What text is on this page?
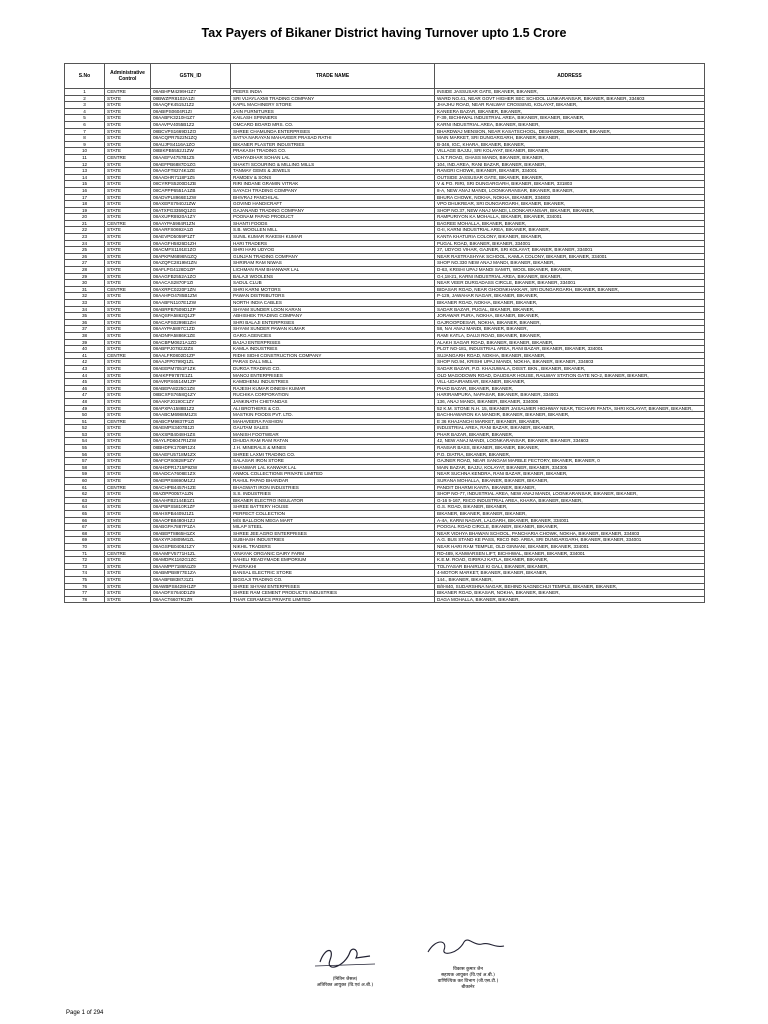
Tax Payers of Bikaner District having Turnover upto 1.5 Crore
S.No	Administrative Control	GSTN_ID	TRADE NAME	ADDRESS
1	CENTRE	08ABHPM4299H1Z7	PEERS INDIA	INSIDE JASSUSAR GATE, BIKANER, BIKANER,
2	STATE	08BWZPR8102A1ZI	SRI VIJAYLAXMI TRADING COMPANY	WARD NO.41, NEAR GOVT HIGHER SEC SCHOOL LUNKARANSAR, BIKANER, BIKANER, 334603
3	STATE	08AAQFK4515J1Z2	KAPIL MACHINERY STORE	JHAJHU ROAD, NEAR RAILWAY CROSSING, KOLAYAT, BIKANER,
4	STATE	08ABIPS0604R1ZI	JAIN FURNITURES	KANEERA BAZAR, BIKANER, BIKANER,
5	STATE	08AABFK3210H1Z7	KAILASH SPINNERS	F-39, BICHHWAL INDUSTRIAL AREA, BIKANER, BIKANER, BIKANER,
6	STATE	08AAVPV4055B1Z2	OMCARD BOARD MRS. CO.	KARNI INDUSTRIAL AREA, BIKANER, BIKANER,
7	STATE	08BCVPS1669D1ZO	SHREE CHAMUNDA ENTERPRISES	BHARDWAJ MENSION, NEAR KASATSCHOOL, DESHNOKE, BIKANER, BIKANER,
8	STATE	08ACQPR7522N1ZQ	SATYA NARAYAN MAHAVEER PRASAD RATHI	MAIN MARKET, SRI DUNGARGARH, BIKANER, BIKANER,
9	STATE	08AUJPS4116A1ZO	BIKANER PLASTER INDUSTRIES	B-346, IGC, KHARA, BIKANER, BIKANER,
10	STATE	08BIKPB5552J1ZW	PRAKASH TRADING CO.	VILLAGE BAJJU, SRI KOLAYAT, BIKANER, BIKANER,
11	CENTRE	08AAEFV4757B1Z5	VIDHYADHAR SOHAN LAL	L.N.T.ROAD, GHASS MANDI, BIKANER, BIKANER,
12	STATE	08AEFPB6887D1ZG	SHAKTI SCOURING & MILLING MILLS	104, IND.AREA, RANI BAZAR, BIKANER, BIKANER,
13	STATE	08AAGFT8274K1ZE	TANMAY GEMS & JEWELS	RANGRI CHOWK, BIKANER, BIKANER, 334001
14	STATE	08AADHR7118F1Z5	RAMDEV & SONS	OUTSIDE JASSUSAR GATE, BIKANER, BIKANER,
15	STATE	08CYRPS5200D1ZB	RIRI INDANE GRAMIN VITRAK	V & PO. RIRI, SRI DUNGARGARH, BIKANER, BIKANER, 331803
16	STATE	08CAPPP6551A1ZB	SAYACH TRADING COMPANY	8-A, NEW ANAJ MANDI, LOONKARANSAR, BIKANER, BIKANER,
17	STATE	08ADVPL8966E1ZW	BHIVRAJ PANCHILAL	BHURA CHOWK, NOKHA, NOKHA, BIKANER, 334803
18	STATE	08AXEPS7940J1ZW	GOVIND HANDICRAFT	VPO DHUKREAR, SRI DUNGARGARH, BIKANER, BIKANER,
19	STATE	08ATXPG3359Q1ZG	GAJANAND TRADING COMPANY	SHOP NO.37, NEW ANAJ MANDI, LOONKARANSAR, BIKANER, BIKANER,
20	STATE	08AXUPR8920A1ZY	POONAM PAPAD PRODUCT	RAMPURIYON KA MOHALLA, BIKANER, BIKANER, 334001
21	CENTRE	08AAYPA5984R1ZN	SHANTI FOODS	BAGREE MOHALLA, BIKANER, BIKANER,
22	STATE	08AARFS0692A1ZI	S.B. WOOLLEN MILL	G-II, KARNI INDUSTRIAL AREA, BIKANER, BIKANER,
23	STATE	08AEVPD5059P1ZT	SUNIL KUMAR RAKESH KUMAR	KANTA KHATURIA COLONY, BIKANER, BIKANER,
24	STATE	08AAGFH5826D1ZH	HARI TRADERS	PUGAL ROAD, BIKANER, BIKANER, 334001
25	STATE	08ACMFS1191E1ZO	SHRI HARI UDYOG	27, UDYOG VIHAR, GAJNER, SRI KOLAYAT, BIKANER, BIKANER, 334001
26	STATE	08APKPM6898N1ZQ	GUNJAN TRADING COMPANY	NEAR RASTRASHYAK SCHOOL, KAMLA COLONY, BIKANER, BIKANER, 334001
27	STATE	08AZQPC2819M1ZN	SHRIRAM RAM NIWAS	SHOP NO.330 NEW ANAJ MANDI, BIKANER, BIKANER,
28	STATE	08AFLPG4128D1ZP	LICHMAN RAM BHANWAR LAL	D-63, KRISHI UPAJ MANDI SAMITI, WOOL BIKANER, BIKANER,
29	STATE	08AAGFB2552A1ZO	BALAJI WOOLENS	G-I,18-21, KARNI INDUSTRIAL AREA, BIKANER, BIKANER,
30	STATE	08AACAS2870F1ZI	SADUL CLUB	NEAR VEER DURGADASS CIRCLE, BIKANER, BIKANER, 334001
31	CENTRE	08AXRPC0220F1ZN	SHRI KARNI MOTORS	BIDASAR ROAD, NEAR GHOONKHAKKAR, SRI DUNGARGARH, BIKANER, BIKANER,
32	STATE	08AAHPO4785B1ZM	PAWAN DISTRIBUTORS	P-129, JAWAHAR NAGAR, BIKANER, BIKANER,
33	STATE	08AABFN1107E1ZW	NORTH INDIA CABLES	BIKANER ROAD, NOKHA, BIKANER, BIKANER,
34	STATE	08ABRPB7509D1ZP	SHYAM SUNDER LOON KARAN	SADAR BAZAR, PUGAL, BIKANER, BIKANER,
35	STATE	08AQSPA5862Q1ZF	ABHISHEK TRADING COMPANY	JORAWAR PURA, NOKHA, BIKANER, BIKANER,
36	STATE	08ACAPS0299B1ZH	SHRI BALAJI ENTERPRISES	GAJROOPDESAR, NOKHA, BIKANER, BIKANER,
37	STATE	08AAYPA5897C1ZD	SHYAM SUNDER PAWAN KUMAR	58, NAI ANAJ MANDI, BIKANER, BIKANER,
38	STATE	08ADNPA5886K1ZE	GARG AGENCIES	RAMI KATLA, DAUJI ROAD, BIKANER, BIKANER,
39	STATE	08ACBPM0621A1ZD	BAJAJ ENTERPRISES	ALAKH SAGAR ROAD, BIKANER, BIKANER, BIKANER,
40	STATE	08ABFPJ0782J2ZS	KAMLA INDUSTRIES	PLOT NO-181, INDUSTRIAL AREA, RANI BAZAR, BIKANER, BIKANER, 334001
41	CENTRE	08AALFR0802D1ZP	RIDHI SIDHI CONSTRUCTION COMPANY	SUJANGARH ROAD, NOKHA, BIKANER, BIKANER,
42	STATE	08AAJFP0799Q1ZL	PARAS DALL MILL	SHOP NO.94, KRISHI UPAJ MANDI, NOKHA, BIKANER, BIKANER, 334803
43	STATE	08AEEPM7051F1ZK	DURGA TRADING CO.	SADAR BAZAR, P.O. KHAJUWALA, DISST. BKN., BIKANER, BIKANER,
44	STATE	08AIKPP9787E1Z1	MANOJ ENTERPRISES	OLD MAGODOWN ROAD, DAUDSAR HOUSE, RAILWAY STATION GATE NO-2, BIKANER, BIKANER,
45	STATE	08AVRPS6514M1ZP	KAMDHENU INDUSTRIES	VILL-UDAIRAMSAR, BIKANER, BIKANER,
46	STATE	08ABEPA8225G1Z8	RAJESH KUMAR DINESH KUMAR	PHAD BAZAR, BIKANER, BIKANER,
47	STATE	08BCXPS7658Q1ZY	RUCHIKA CORPORATION	HARIRAMPURA, NAPASAR, BIKANER, BIKANER, 334001
48	STATE	08AAKFJ0190C1ZY	JANKINATH CHETANDAS	136, ANAJ MANDI, BIKANER, BIKANER, 334006
49	STATE	08APXPA1588B1Z2	ALI BROTHERS & CO.	52 K.M. STONE N.H. 15, BIKANER JAISALMER HIGHWAY NEAR, TECHARI PANTA, SHRI KOLAYAT, BIKANER, BIKANER,
50	STATE	08AABCM6988M1ZS	MASTKIN FOODS PVT. LTD.	BACHHAWARON KA MANDIR, BIKANER, BIKANER, BIKANER,
51	CENTRE	08ABCPM9837P1ZI	MAHAVEERA FASHION	E 36 KHAJANCHI MARKET, BIKANER, BIKANER,
52	STATE	08AEMPS3407B1ZI	GAUTAM SALES	INDUSTRIAL AREA, RANI BAZAR, BIKANER, BIKANER,
53	STATE	08AXSPB4048H1ZS	MANISH FOOTWEAR	PHAR BAZAR, BIKANER, BIKANER,
54	STATE	08AYLPD8047R1ZW	DHUDA RAM RAM RATAN	42, NEW ANAJ MANDI, LOONKARANSAR, BIKANER, BIKANER, 334603
55	STATE	08BHDPK1708R1Z4	J.H. MINERALS & MINES	RANSAR BASS, BIKANER, BIKANER, BIKANER,
56	STATE	08AAEFU5718M1ZX	SHREE LAXMI TRADING CO.	P.O. DIATRA, BIKANER, BIKANER,
57	STATE	08AFCPS0828P1ZY	SALASAR IRON STORE	GAJNER ROAD, NEAR SANGAM MARBLE FECTORY, BIKANER, BIKANER, 0
58	STATE	08AHDPR1715P9ZW	BHANWAR LAL KANWAR LAL	MAIN BAZAR, BAJJU, KOLAYAT, BIKANER, BIKANER, 334305
59	STATE	08AADCA7608E1ZX	ANMOL COLLECTIONS PRIVATE LIMITED	NEAR SUCHNA KENDRA, RANI BAZAR, BIKANER, BIKANER,
60	STATE	08AEPPS8690M1ZJ	RAHUL PAPAD BHANDAR	SURANA MOHALLA, BIKANER, BIKANER, BIKANER,
61	CENTRE	08ACHPB4457H1ZE	BHAGWATI IRON INDUSTRIES	PANDIT DHARMI KANTA, BIKANER, BIKANER,
62	STATE	08AZIPP0057A1ZN	S.S. INDUSTRIES	SHOP NO-77, INDUSTRIAL AREA, NEW ANAJ MANDI, LOONKARANSAR, BIKANER, BIKANER,
63	STATE	08AAHFB2144B1Z1	BIKANER ELECTRO INSULATOR	G-16 5-167, RIICO INDUSTRIAL AREA, KHARA, BIKANER, BIKANER,
64	STATE	08APBPS5810R1ZF	SHREE BATTERY HOUSE	G.S. ROAD, BIKANER, BIKANER,
65	STATE	08AHXPB4409J1Z1	PERFECT COLLECTION	BIKANER, BIKANER, BIKANER, BIKANER,
66	STATE	08AAOFB8480H1ZJ	M/S BALLOON MEGA MART	A-4A, KARNI NAGAR, LALGARH, BIKANER, BIKANER, 334001
67	STATE	08ABGPA7887P1ZA	MILAP STEEL	POOGAL ROAD CIRCLE, BIKANER, BIKANER, BIKANER,
68	STATE	08ABEPT8865H1ZX	SHREE JEE AGRO ENTERPRISES	NEAR VIDHYA BHAWAN SCHOOL, PANCHARIA CHOWK, NOKHA, BIKANER, BIKANER, 334803
69	STATE	08AXYPJ4809M1ZL	SUBHASH INDUSTRIES	A.G. BUS STAND KE PASS, RIICO IND. AREA, SRI DUNGARGARH, BIKANER, BIKANER, 334001
70	STATE	08AGSPB0408J1ZY	NIKHIL TRADERS	NEAR HARI RAM TEMPLE, OLD GINNANI, BIKANER, BIKANER, 334001
71	CENTRE	08AAMFV5771H1ZL	VINAYAK ORGANIC DAIRY FARM	RD-489, KANWARSEN LIFT, BICHHWAL, BIKANER, BIKANER, 334001
72	STATE	08AMDPK1162G1ZC	SAHELI READYMADE EMPORIUM	K.E.M. ROAD, GIRIRAJ KATLA, BIKANER, BIKANER,
73	STATE	08AAMPP7186N1Z9	PAGRAKHI	TOLIYASAR BHAIRUJI KI GALI, BIKANER, BIKANER,
74	STATE	08ABMPB8977E1ZA	BANSAL ELECTRIC STORE	4-MOTOR MARKET, BIKANER, BIKANER, BIKANER,
75	STATE	08AABFB8387J1Z1	BIGGAJI TRADING CO.	144., BIKANER, BIKANER,
76	STATE	08AWBPS8428H1ZF	SHREE SHYAM ENTERPRISES	B/8-840, SUDARSHNA NAGAR, BEHIND NAGNECHIJI TEMPLE, BIKANER, BIKANER,
77	STATE	08AADFS7640D1Z9	SHREE RAM CEMENT PRODUCTS INDUSTRIES	BIKANER ROAD, BIKASAR, NOKHA, BIKANER, BIKANER,
78	STATE	08AACT6607R1ZR	THAR CERAMICS PRIVATE LIMITED	DAGA MOHALLA, BIKANER, BIKANER,
(नितिन जैसल)
अतिरिक्त आयुक्त (वि.एवं अ.बी.)
विकास कुमार जैन
सहायक आयुक्त (वि.एवं अ.बी.)
वाणिज्यिक कर विभाग (जी.एस.टी.)
बीकानेर
Page 1 of 294
